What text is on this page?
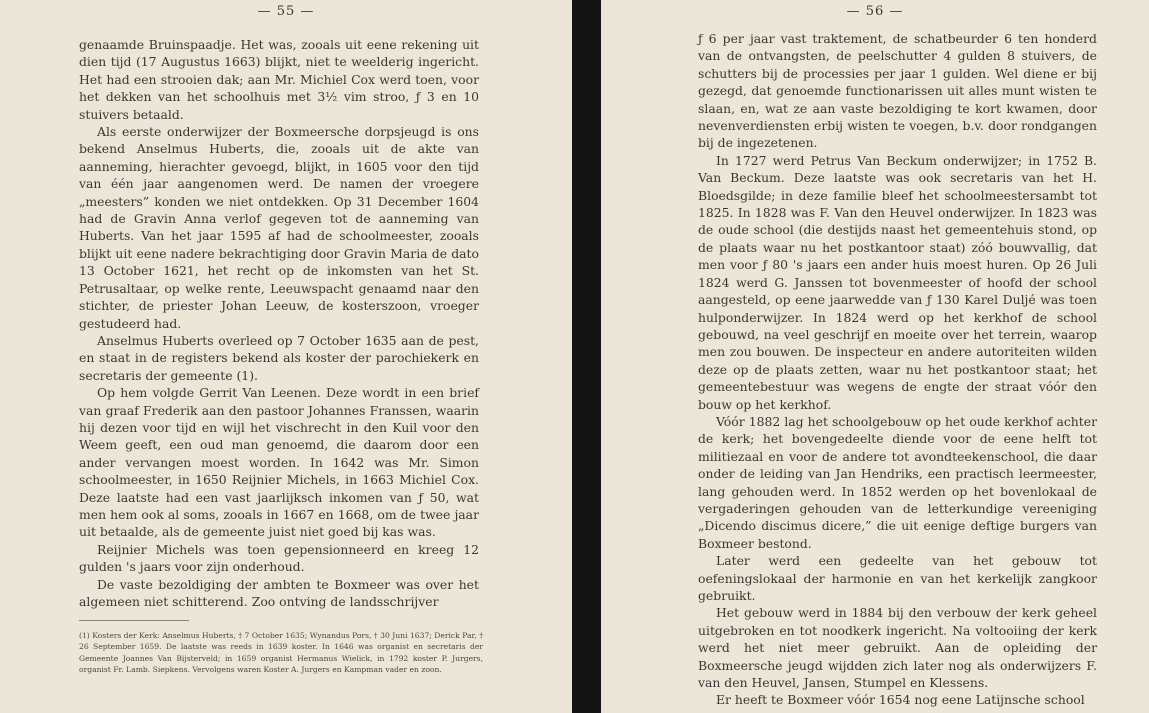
— 55 —

genaamde Bruinspaadje. Het was, zooals uit eene rekening uit dien tijd (17 Augustus 1663) blijkt, niet te weelderig ingericht. Het had een strooien dak; aan Mr. Michiel Cox werd toen, voor het dekken van het schoolhuis met 3½ vim stroo, ƒ 3 en 10 stuivers betaald.

Als eerste onderwijzer der Boxmeersche dorpsjeugd is ons bekend Anselmus Huberts, die, zooals uit de akte van aanneming, hierachter gevoegd, blijkt, in 1605 voor den tijd van één jaar aangenomen werd. De namen der vroegere „meesters” konden we niet ontdekken. Op 31 December 1604 had de Gravin Anna verlof gegeven tot de aanneming van Huberts. Van het jaar 1595 af had de schoolmeester, zooals blijkt uit eene nadere bekrachtiging door Gravin Maria de dato 13 October 1621, het recht op de inkomsten van het St. Petrusaltaar, op welke rente, Leeuwspacht genaamd naar den stichter, de priester Johan Leeuw, de kosterszoon, vroeger gestudeerd had.

Anselmus Huberts overleed op 7 October 1635 aan de pest, en staat in de registers bekend als koster der parochiekerk en secretaris der gemeente (1).

Op hem volgde Gerrit Van Leenen. Deze wordt in een brief van graaf Frederik aan den pastoor Johannes Franssen, waarin hij dezen voor tijd en wijl het vischrecht in den Kuil voor den Weem geeft, een oud man genoemd, die daarom door een ander vervangen moest worden. In 1642 was Mr. Simon schoolmeester, in 1650 Reijnier Michels, in 1663 Michiel Cox. Deze laatste had een vast jaarlijksch inkomen van ƒ 50, wat men hem ook al soms, zooals in 1667 en 1668, om de twee jaar uit betaalde, als de gemeente juist niet goed bij kas was.

Reijnier Michels was toen gepensionneerd en kreeg 12 gulden 's jaars voor zijn onderhoud.

De vaste bezoldiging der ambten te Boxmeer was over het algemeen niet schitterend. Zoo ontving de landsschrijver

(1) Kosters der Kerk: Anselmus Huberts, † 7 October 1635; Wynandus Pors, † 30 Juni 1637; Derick Par, † 26 September 1659. De laatste was reeds in 1639 koster. In 1646 was organist en secretaris der Gemeente Joannes Van Bijsterveld; in 1659 organist Hermanus Wielick, in 1792 koster P. Jurgers, organist Fr. Lamb. Siepkens. Vervolgens waren Koster A. Jurgers en Kampman vader en zoon.
— 56 —

ƒ 6 per jaar vast traktement, de schatbeurder 6 ten honderd van de ontvangsten, de peelschutter 4 gulden 8 stuivers, de schutters bij de processies per jaar 1 gulden. Wel diene er bij gezegd, dat genoemde functionarissen uit alles munt wisten te slaan, en, wat ze aan vaste bezoldiging te kort kwamen, door nevenverdiensten erbij wisten te voegen, b.v. door rondgangen bij de ingezetenen.

In 1727 werd Petrus Van Beckum onderwijzer; in 1752 B. Van Beckum. Deze laatste was ook secretaris van het H. Bloedsgilde; in deze familie bleef het schoolmeestersambt tot 1825. In 1828 was F. Van den Heuvel onderwijzer. In 1823 was de oude school (die destijds naast het gemeentehuis stond, op de plaats waar nu het postkantoor staat) zóó bouwvallig, dat men voor ƒ 80 's jaars een ander huis moest huren. Op 26 Juli 1824 werd G. Janssen tot bovenmeester of hoofd der school aangesteld, op eene jaarwedde van ƒ 130 Karel Duljé was toen hulponderwijzer. In 1824 werd op het kerkhof de school gebouwd, na veel geschrijf en moeite over het terrein, waarop men zou bouwen. De inspecteur en andere autoriteiten wilden deze op de plaats zetten, waar nu het postkantoor staat; het gemeentebestuur was wegens de engte der straat vóór den bouw op het kerkhof.

Vóór 1882 lag het schoolgebouw op het oude kerkhof achter de kerk; het bovengedeelte diende voor de eene helft tot militiezaal en voor de andere tot avondteekenschool, die daar onder de leiding van Jan Hendriks, een practisch leermeester, lang gehouden werd. In 1852 werden op het bovenlokaal de vergaderingen gehouden van de letterkundige vereeniging „Dicendo discimus dicere,” die uit eenige deftige burgers van Boxmeer bestond.

Later werd een gedeelte van het gebouw tot oefeningslokaal der harmonie en van het kerkelijk zangkoor gebruikt.

Het gebouw werd in 1884 bij den verbouw der kerk geheel uitgebroken en tot noodkerk ingericht. Na voltooiing der kerk werd het niet meer gebruikt. Aan de opleiding der Boxmeersche jeugd wijdden zich later nog als onderwijzers F. van den Heuvel, Jansen, Stumpel en Klessens.

Er heeft te Boxmeer vóór 1654 nog eene Latijnsche school
